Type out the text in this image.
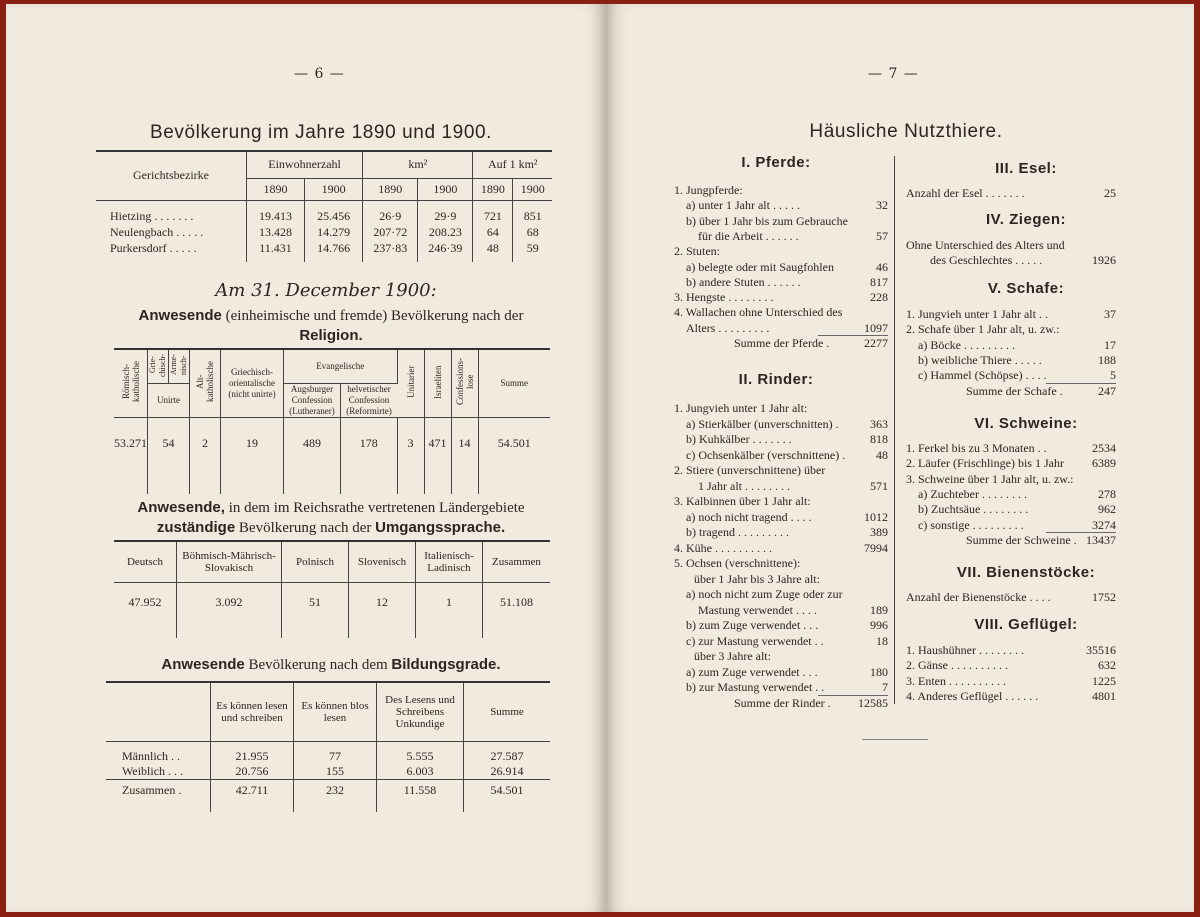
— 6 —
Bevölkerung im Jahre 1890 und 1900.
Gerichtsbezirke	Einwohnerzahl		km²		Auf 1 km²	
	1890	1900	1890	1900	1890	1900

Hietzing . . . . . . .	19.413	25.456	26·9	29·9	721	851
Neulengbach . . . . .	13.428	14.279	207·72	208.23	64	68
Purkersdorf . . . . .	11.431	14.766	237·83	246·39	48	59

Am 31. December 1900:
Anwesende (einheimische und fremde) Bevölkerung nach der
Religion.
Römisch-katholische	Grie-chisch-	Arme-nisch-	Alt-katholische	Griechisch-orientalische (nicht unirte)	Evangelische		Unitarier	Israeliten	Confessions-lose	Summe
	Unirte				Augsburger Confession (Lutheraner)	helvetischer Confession (Reformirte)				
53.271	54		2	19	489	178	3	471	14	54.501

Anwesende, in dem im Reichsrathe vertretenen Ländergebiete
zuständige Bevölkerung nach der Umgangssprache.
Deutsch	Böhmisch-Mährisch-Slovakisch	Polnisch	Slovenisch	Italienisch-Ladinisch	Zusammen
47.952	3.092	51	12	1	51.108

Anwesende Bevölkerung nach dem Bildungsgrade.
	Es können lesen und schreiben	Es können blos lesen	Des Lesens und Schreibens Unkundige	Summe

Männlich . .	21.955	77	5.555	27.587
Weiblich . . .	20.756	155	6.003	26.914
Zusammen .	42.711	232	11.558	54.501

— 7 —
Häusliche Nutzthiere.
I. Pferde:
1. Jungpferde:
a) unter 1 Jahr alt . . . . .	32
b) über 1 Jahr bis zum Gebrauche
für die Arbeit . . . . . .	57
2. Stuten:
a) belegte oder mit Saugfohlen	46
b) andere Stuten . . . . . .	817
3. Hengste . . . . . . . .	228
4. Wallachen ohne Unterschied des
Alters . . . . . . . . .	1097
Summe der Pferde .	2277
II. Rinder:
1. Jungvieh unter 1 Jahr alt:
a) Stierkälber (unverschnitten) .	363
b) Kuhkälber . . . . . . .	818
c) Ochsenkälber (verschnittene) .	48
2. Stiere (unverschnittene) über
1 Jahr alt . . . . . . . .	571
3. Kalbinnen über 1 Jahr alt:
a) noch nicht tragend . . . .	1012
b) tragend . . . . . . . . .	389
4. Kühe . . . . . . . . . .	7994
5. Ochsen (verschnittene):
über 1 Jahr bis 3 Jahre alt:
a) noch nicht zum Zuge oder zur
Mastung verwendet . . . .	189
b) zum Zuge verwendet . . .	996
c) zur Mastung verwendet . .	18
über 3 Jahre alt:
a) zum Zuge verwendet . . .	180
b) zur Mastung verwendet . .	7
Summe der Rinder .	12585
III. Esel:
Anzahl der Esel . . . . . . .	25
IV. Ziegen:
Ohne Unterschied des Alters und
des Geschlechtes . . . . .	1926
V. Schafe:
1. Jungvieh unter 1 Jahr alt . .	37
2. Schafe über 1 Jahr alt, u. zw.:
a) Böcke . . . . . . . . .	17
b) weibliche Thiere . . . . .	188
c) Hammel (Schöpse) . . . .	5
Summe der Schafe .	247
VI. Schweine:
1. Ferkel bis zu 3 Monaten . .	2534
2. Läufer (Frischlinge) bis 1 Jahr	6389
3. Schweine über 1 Jahr alt, u. zw.:
a) Zuchteber . . . . . . . .	278
b) Zuchtsäue . . . . . . . .	962
c) sonstige . . . . . . . . .	3274
Summe der Schweine . 13437
VII. Bienenstöcke:
Anzahl der Bienenstöcke . . . .	1752
VIII. Geflügel:
1. Haushühner . . . . . . . .	35516
2. Gänse . . . . . . . . . .	632
3. Enten . . . . . . . . . .	1225
4. Anderes Geflügel . . . . . .	4801
